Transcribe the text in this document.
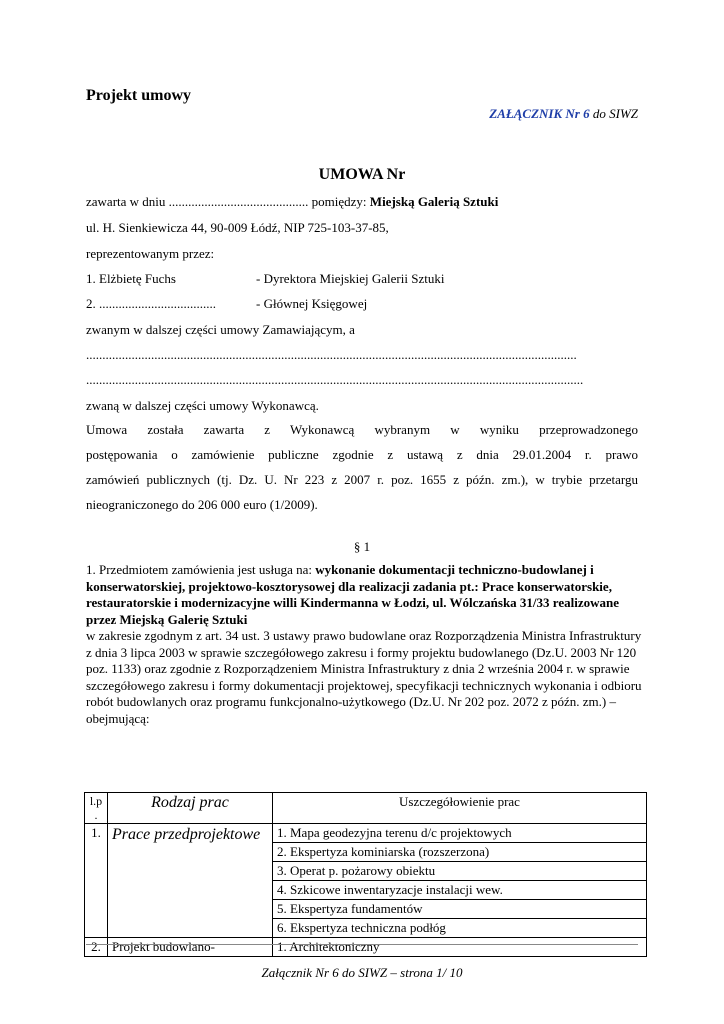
Projekt umowy
ZAŁĄCZNIK Nr 6 do SIWZ
UMOWA Nr
zawarta w dniu ........................................... pomiędzy: Miejską Galerią Sztuki
ul. H. Sienkiewicza 44, 90-009 Łódź, NIP 725-103-37-85,
reprezentowanym przez:
1. Elżbietę Fuchs	- Dyrektora Miejskiej Galerii Sztuki
2. ....................................	- Głównej Księgowej
zwanym w dalszej części umowy Zamawiającym, a
.......................................................................................................................................................
.........................................................................................................................................................
zwaną w dalszej części umowy Wykonawcą.
Umowa została zawarta z Wykonawcą wybranym w wyniku przeprowadzonego
postępowania o zamówienie publiczne zgodnie z ustawą z dnia 29.01.2004 r. prawo
zamówień publicznych (tj. Dz. U. Nr 223 z 2007 r. poz. 1655 z późn. zm.), w trybie przetargu
nieograniczonego do 206 000 euro (1/2009).
§ 1
1. Przedmiotem zamówienia jest usługa na: wykonanie dokumentacji techniczno-budowlanej i konserwatorskiej, projektowo-kosztorysowej dla realizacji zadania pt.: Prace konserwatorskie, restauratorskie i modernizacyjne willi Kindermanna w Łodzi, ul. Wólczańska 31/33 realizowane przez Miejską Galerię Sztuki
w zakresie zgodnym z art. 34 ust. 3 ustawy prawo budowlane oraz Rozporządzenia Ministra Infrastruktury z dnia 3 lipca 2003 w sprawie szczegółowego zakresu i formy projektu budowlanego (Dz.U. 2003 Nr 120 poz. 1133) oraz zgodnie z Rozporządzeniem Ministra Infrastruktury z dnia 2 września 2004 r. w sprawie szczegółowego zakresu i formy dokumentacji projektowej, specyfikacji technicznych wykonania i odbioru robót budowlanych oraz programu funkcjonalno-użytkowego (Dz.U. Nr 202 poz. 2072 z późn. zm.) – obejmującą:
l.p .	Rodzaj prac	Uszczegółowienie prac
1.	Prace przedprojektowe	1. Mapa geodezyjna terenu d/c projektowych
		2. Ekspertyza kominiarska (rozszerzona)
		3. Operat p. pożarowy obiektu
		4. Szkicowe inwentaryzacje instalacji wew.
		5. Ekspertyza fundamentów
		6. Ekspertyza techniczna podłóg
2.	Projekt budowlano-	1. Architektoniczny
Załącznik Nr 6 do SIWZ – strona 1/ 10
